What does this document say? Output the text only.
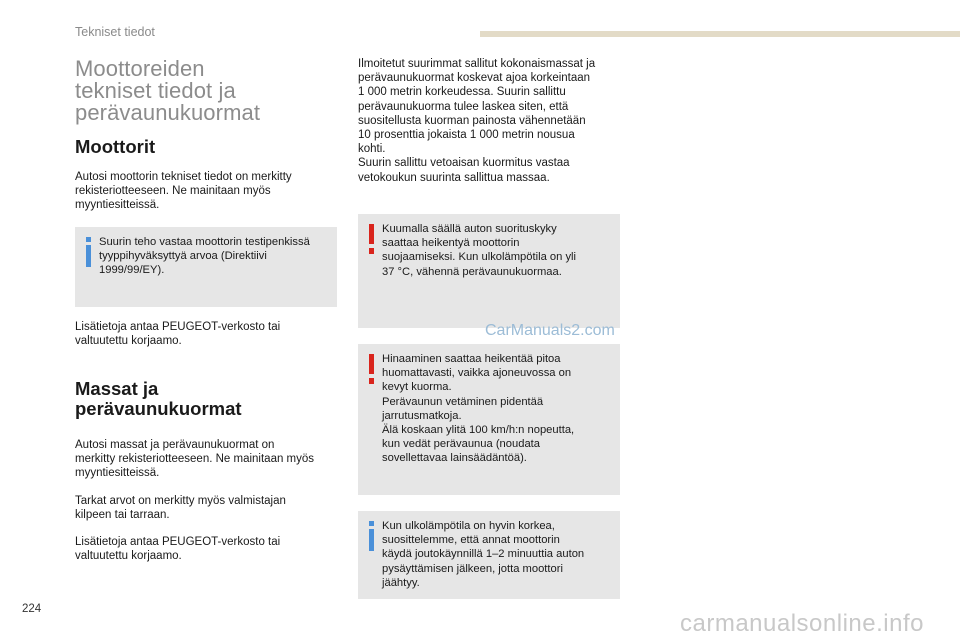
Tekniset tiedot
Moottoreiden
tekniset tiedot ja
perävaunukuormat
Moottorit

Autosi moottorin tekniset tiedot on merkitty
rekisteriotteeseen. Ne mainitaan myös
myyntiesitteissä.

Suurin teho vastaa moottorin testipenkissä
tyyppihyväksyttyä arvoa (Direktiivi
1999/99/EY).

Lisätietoja antaa PEUGEOT-verkosto tai
valtuutettu korjaamo.

Massat ja
perävaunukuormat

Autosi massat ja perävaunukuormat on
merkitty rekisteriotteeseen. Ne mainitaan myös
myyntiesitteissä.

Tarkat arvot on merkitty myös valmistajan
kilpeen tai tarraan.

Lisätietoja antaa PEUGEOT-verkosto tai
valtuutettu korjaamo.

Ilmoitetut suurimmat sallitut kokonaismassat ja
perävaunukuormat koskevat ajoa korkeintaan
1 000 metrin korkeudessa. Suurin sallittu
perävaunukuorma tulee laskea siten, että
suositellusta kuorman painosta vähennetään
10 prosenttia jokaista 1 000 metrin nousua
kohti.
Suurin sallittu vetoaisan kuormitus vastaa
vetokoukun suurinta sallittua massaa.

Kuumalla säällä auton suorituskyky
saattaa heikentyä moottorin
suojaamiseksi. Kun ulkolämpötila on yli
37 °C, vähennä perävaunukuormaa.
CarManuals2.com
Hinaaminen saattaa heikentää pitoa
huomattavasti, vaikka ajoneuvossa on
kevyt kuorma.
Perävaunun vetäminen pidentää
jarrutusmatkoja.
Älä koskaan ylitä 100 km/h:n nopeutta,
kun vedät perävaunua (noudata
sovellettavaa lainsäädäntöä).
Kun ulkolämpötila on hyvin korkea,
suosittelemme, että annat moottorin
käydä joutokäynnillä 1–2 minuuttia auton
pysäyttämisen jälkeen, jotta moottori
jäähtyy.
224
carmanualsonline.info
